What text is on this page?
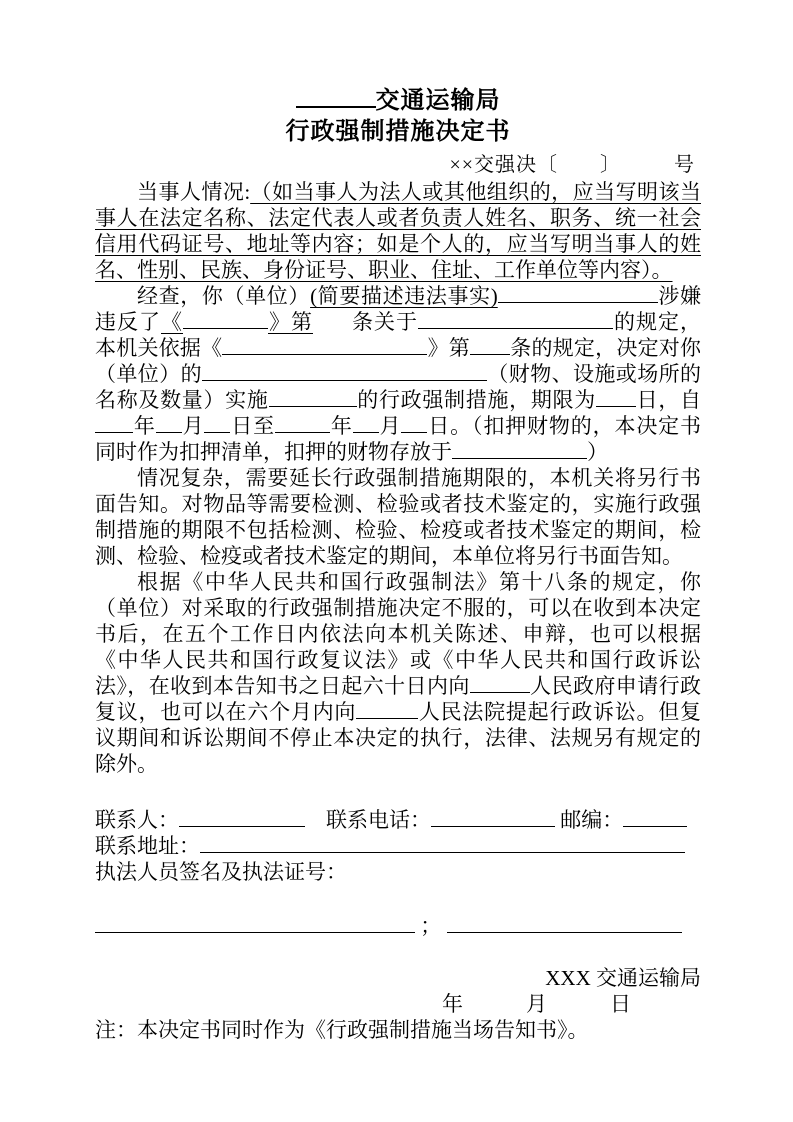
交通运输局
行政强制措施决定书
××交强决〔　　〕　　　号

当事人情况:（如当事人为法人或其他组织的，应当写明该当事人在法定名称、法定代表人或者负责人姓名、职务、统一社会信用代码证号、地址等内容；如是个人的，应当写明当事人的姓名、性别、民族、身份证号、职业、住址、工作单位等内容）。

经查，你（单位）(简要描述违法事实)	涉嫌违反了《	》第 条关于	的规定，本机关依据《	》第 条的规定，决定对你（单位）的	（财物、设施或场所的名称及数量）实施	的行政强制措施，期限为 日，自年 月 日至	年 月 日。（扣押财物的，本决定书同时作为扣押清单，扣押的财物存放于	）

情况复杂，需要延长行政强制措施期限的，本机关将另行书面告知。对物品等需要检测、检验或者技术鉴定的，实施行政强制措施的期限不包括检测、检验、检疫或者技术鉴定的期间，检测、检验、检疫或者技术鉴定的期间，本单位将另行书面告知。

根据《中华人民共和国行政强制法》第十八条的规定，你（单位）对采取的行政强制措施决定不服的，可以在收到本决定书后，在五个工作日内依法向本机关陈述、申辩，也可以根据《中华人民共和国行政复议法》或《中华人民共和国行政诉讼法》，在收到本告知书之日起六十日内向	人民政府申请行政复议，也可以在六个月内向	人民法院提起行政诉讼。但复议期间和诉讼期间不停止本决定的执行，法律、法规另有规定的除外。

联系人：　	联系电话：	邮编：

联系地址：

执法人员签名及执法证号：

；

XXX 交通运输局

年　　　月　　　日

注：本决定书同时作为《行政强制措施当场告知书》。
